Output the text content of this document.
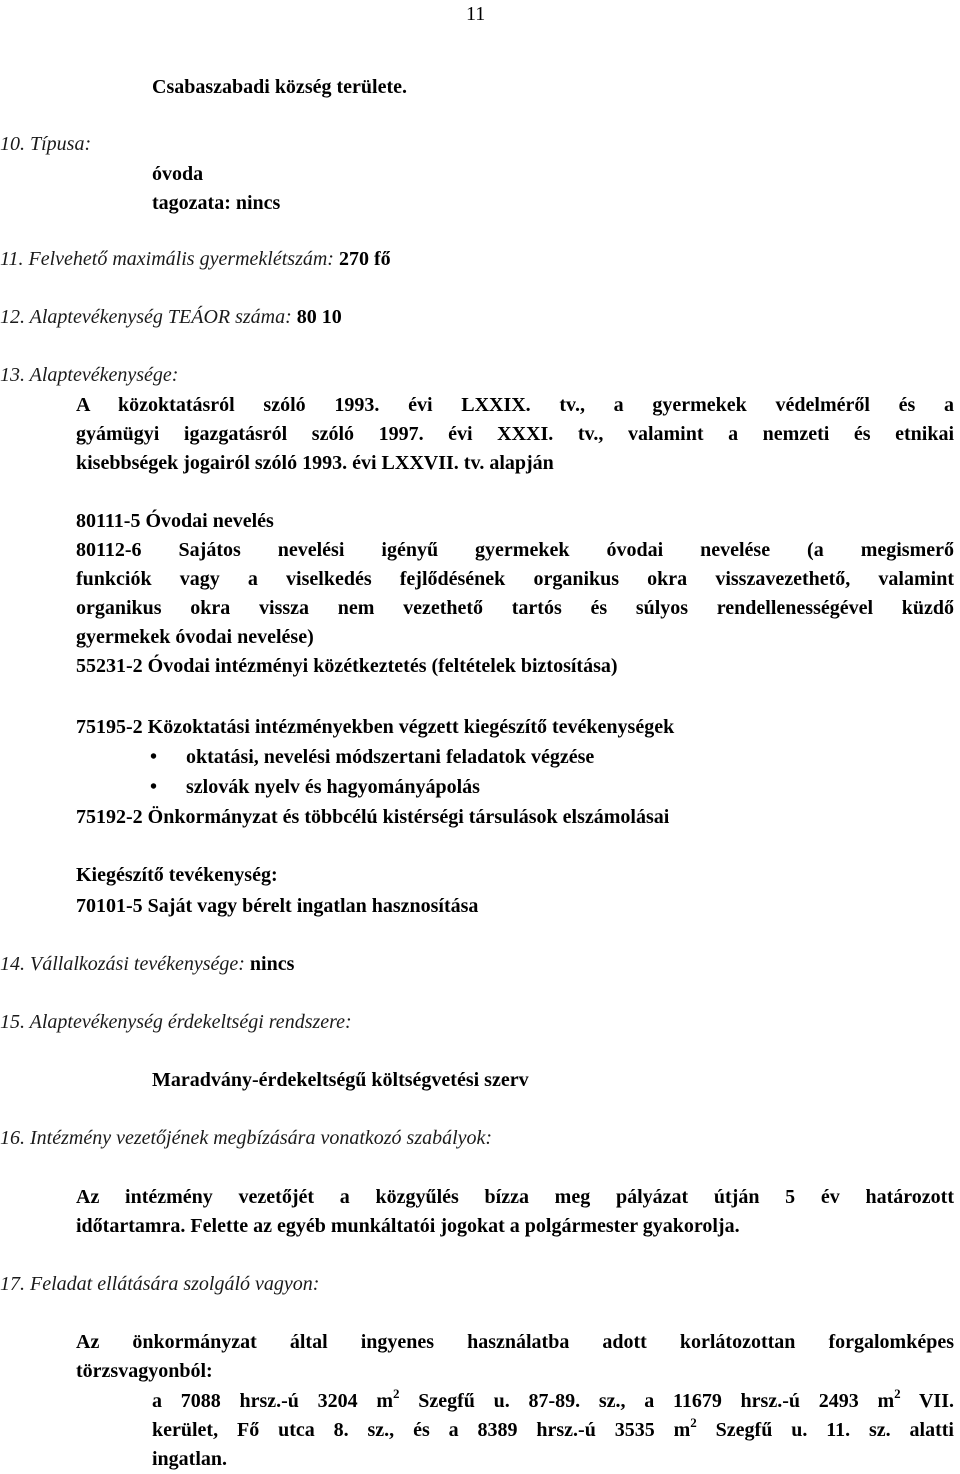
11
Csabaszabadi község területe.
10. Típusa:
óvoda
tagozata: nincs
11. Felvehető maximális gyermeklétszám: 270 fő
12. Alaptevékenység TEÁOR száma: 80 10
13. Alaptevékenysége:
A közoktatásról szóló 1993. évi LXXIX. tv., a gyermekek védelméről és a
gyámügyi igazgatásról szóló 1997. évi XXXI. tv., valamint a nemzeti és etnikai
kisebbségek jogairól szóló 1993. évi LXXVII. tv. alapján
80111-5 Óvodai nevelés
80112-6 Sajátos nevelési igényű gyermekek óvodai nevelése (a megismerő
funkciók vagy a viselkedés fejlődésének organikus okra visszavezethető, valamint
organikus okra vissza nem vezethető tartós és súlyos rendellenességével küzdő
gyermekek óvodai nevelése)
55231-2 Óvodai intézményi közétkeztetés (feltételek biztosítása)
75195-2 Közoktatási intézményekben végzett kiegészítő tevékenységek
• oktatási, nevelési módszertani feladatok végzése
• szlovák nyelv és hagyományápolás
75192-2 Önkormányzat és többcélú kistérségi társulások elszámolásai
Kiegészítő tevékenység:
70101-5 Saját vagy bérelt ingatlan hasznosítása
14. Vállalkozási tevékenysége: nincs
15. Alaptevékenység érdekeltségi rendszere:
Maradvány-érdekeltségű költségvetési szerv
16. Intézmény vezetőjének megbízására vonatkozó szabályok:
Az intézmény vezetőjét a közgyűlés bízza meg pályázat útján 5 év határozott
időtartamra. Felette az egyéb munkáltatói jogokat a polgármester gyakorolja.
17. Feladat ellátására szolgáló vagyon:
Az önkormányzat által ingyenes használatba adott korlátozottan forgalomképes
törzsvagyonból:
a 7088 hrsz.-ú 3204 $m^2$ Szegfű u. 87-89. sz., a 11679 hrsz.-ú 2493 $m^2$ VII.
kerület, Fő utca 8. sz., és a 8389 hrsz.-ú 3535 $m^2$ Szegfű u. 11. sz. alatti
ingatlan.
